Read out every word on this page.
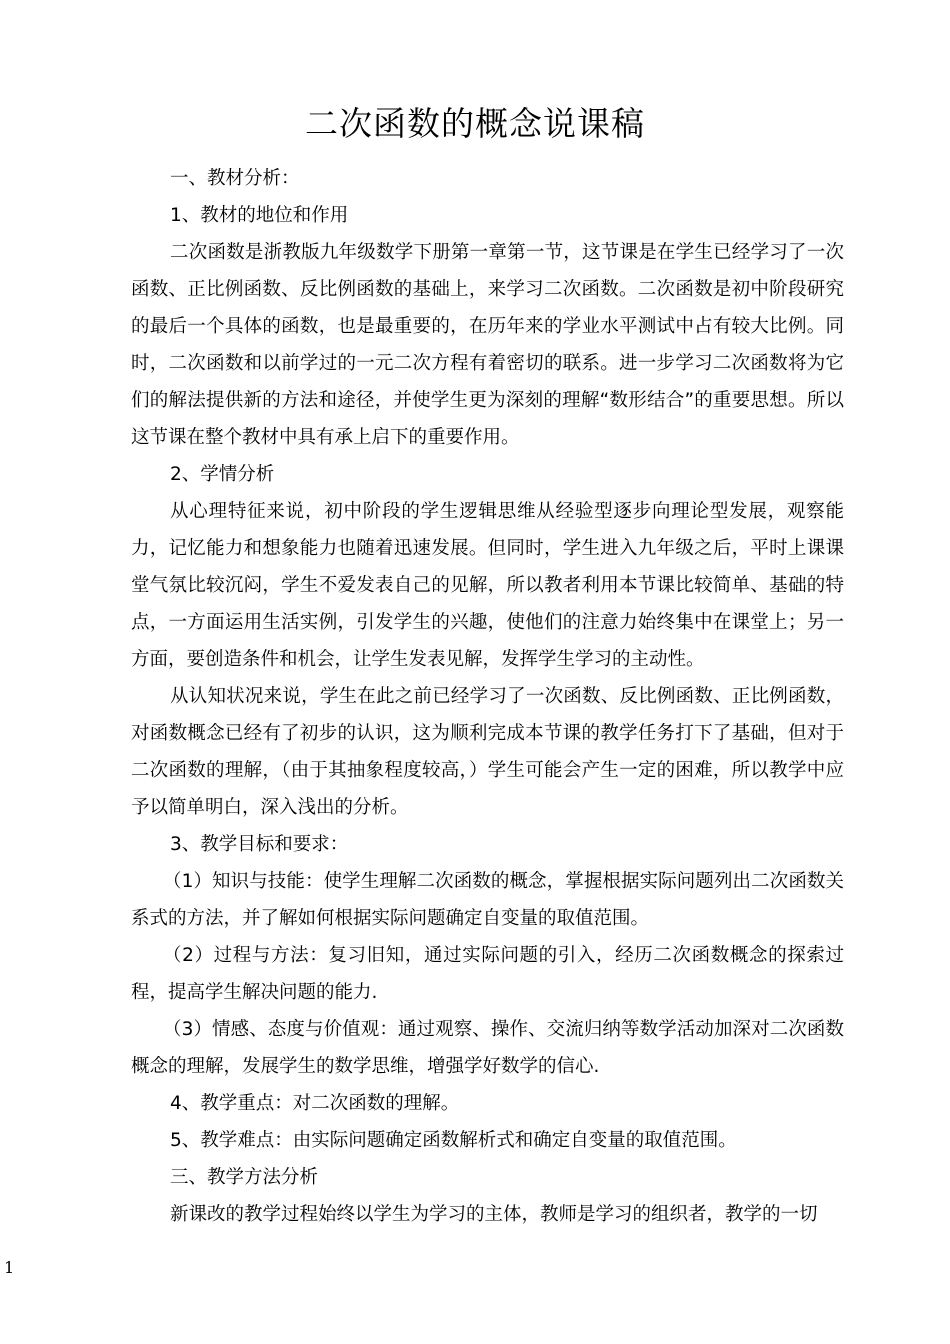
二次函数的概念说课稿

一、教材分析：

1、教材的地位和作用

二次函数是浙教版九年级数学下册第一章第一节，这节课是在学生已经学习了一次函数、正比例函数、反比例函数的基础上，来学习二次函数。二次函数是初中阶段研究的最后一个具体的函数，也是最重要的，在历年来的学业水平测试中占有较大比例。同时，二次函数和以前学过的一元二次方程有着密切的联系。进一步学习二次函数将为它们的解法提供新的方法和途径，并使学生更为深刻的理解“数形结合”的重要思想。所以这节课在整个教材中具有承上启下的重要作用。

2、学情分析

从心理特征来说，初中阶段的学生逻辑思维从经验型逐步向理论型发展，观察能力，记忆能力和想象能力也随着迅速发展。但同时，学生进入九年级之后，平时上课课堂气氛比较沉闷，学生不爱发表自己的见解，所以教者利用本节课比较简单、基础的特点，一方面运用生活实例，引发学生的兴趣，使他们的注意力始终集中在课堂上；另一方面，要创造条件和机会，让学生发表见解，发挥学生学习的主动性。

从认知状况来说，学生在此之前已经学习了一次函数、反比例函数、正比例函数，对函数概念已经有了初步的认识，这为顺利完成本节课的教学任务打下了基础，但对于二次函数的理解，（由于其抽象程度较高，）学生可能会产生一定的困难，所以教学中应予以简单明白，深入浅出的分析。

3、教学目标和要求：

（1）知识与技能：使学生理解二次函数的概念，掌握根据实际问题列出二次函数关系式的方法，并了解如何根据实际问题确定自变量的取值范围。

（2）过程与方法：复习旧知，通过实际问题的引入，经历二次函数概念的探索过程，提高学生解决问题的能力.

（3）情感、态度与价值观：通过观察、操作、交流归纳等数学活动加深对二次函数概念的理解，发展学生的数学思维，增强学好数学的信心.

4、教学重点：对二次函数的理解。

5、教学难点：由实际问题确定函数解析式和确定自变量的取值范围。

三、教学方法分析

新课改的教学过程始终以学生为学习的主体，教师是学习的组织者，教学的一切

1
